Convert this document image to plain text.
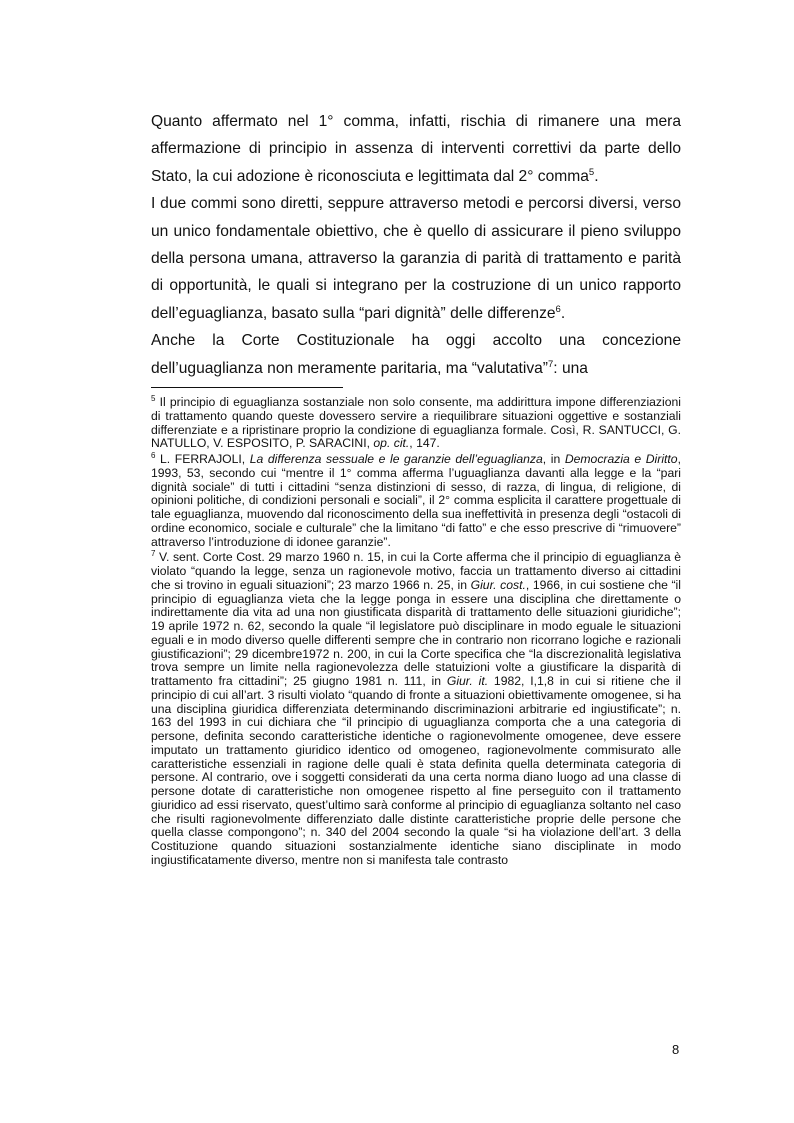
Quanto affermato nel 1° comma, infatti, rischia di rimanere una mera affermazione di principio in assenza di interventi correttivi da parte dello Stato, la cui adozione è riconosciuta e legittimata dal 2° comma$^5$.

I due commi sono diretti, seppure attraverso metodi e percorsi diversi, verso un unico fondamentale obiettivo, che è quello di assicurare il pieno sviluppo della persona umana, attraverso la garanzia di parità di trattamento e parità di opportunità, le quali si integrano per la costruzione di un unico rapporto dell’eguaglianza, basato sulla “pari dignità” delle differenze$^6$.

Anche la Corte Costituzionale ha oggi accolto una concezione dell’uguaglianza non meramente paritaria, ma “valutativa”$^7$: una

$^5$ Il principio di eguaglianza sostanziale non solo consente, ma addirittura impone differenziazioni di trattamento quando queste dovessero servire a riequilibrare situazioni oggettive e sostanziali differenziate e a ripristinare proprio la condizione di eguaglianza formale. Così, R. SANTUCCI, G. NATULLO, V. ESPOSITO, P. SARACINI, op. cit., 147.

$^6$ L. FERRAJOLI, La differenza sessuale e le garanzie dell’eguaglianza, in Democrazia e Diritto, 1993, 53, secondo cui “mentre il 1° comma afferma l’uguaglianza davanti alla legge e la “pari dignità sociale” di tutti i cittadini “senza distinzioni di sesso, di razza, di lingua, di religione, di opinioni politiche, di condizioni personali e sociali”, il 2° comma esplicita il carattere progettuale di tale eguaglianza, muovendo dal riconoscimento della sua ineffettività in presenza degli “ostacoli di ordine economico, sociale e culturale” che la limitano “di fatto” e che esso prescrive di “rimuovere” attraverso l’introduzione di idonee garanzie”.

$^7$ V. sent. Corte Cost. 29 marzo 1960 n. 15, in cui la Corte afferma che il principio di eguaglianza è violato “quando la legge, senza un ragionevole motivo, faccia un trattamento diverso ai cittadini che si trovino in eguali situazioni”; 23 marzo 1966 n. 25, in Giur. cost., 1966, in cui sostiene che “il principio di eguaglianza vieta che la legge ponga in essere una disciplina che direttamente o indirettamente dia vita ad una non giustificata disparità di trattamento delle situazioni giuridiche”; 19 aprile 1972 n. 62, secondo la quale “il legislatore può disciplinare in modo eguale le situazioni eguali e in modo diverso quelle differenti sempre che in contrario non ricorrano logiche e razionali giustificazioni”; 29 dicembre1972 n. 200, in cui la Corte specifica che “la discrezionalità legislativa trova sempre un limite nella ragionevolezza delle statuizioni volte a giustificare la disparità di trattamento fra cittadini”; 25 giugno 1981 n. 111, in Giur. it. 1982, I,1,8 in cui si ritiene che il principio di cui all’art. 3 risulti violato “quando di fronte a situazioni obiettivamente omogenee, si ha una disciplina giuridica differenziata determinando discriminazioni arbitrarie ed ingiustificate”; n. 163 del 1993 in cui dichiara che “il principio di uguaglianza comporta che a una categoria di persone, definita secondo caratteristiche identiche o ragionevolmente omogenee, deve essere imputato un trattamento giuridico identico od omogeneo, ragionevolmente commisurato alle caratteristiche essenziali in ragione delle quali è stata definita quella determinata categoria di persone. Al contrario, ove i soggetti considerati da una certa norma diano luogo ad una classe di persone dotate di caratteristiche non omogenee rispetto al fine perseguito con il trattamento giuridico ad essi riservato, quest’ultimo sarà conforme al principio di eguaglianza soltanto nel caso che risulti ragionevolmente differenziato dalle distinte caratteristiche proprie delle persone che quella classe compongono”; n. 340 del 2004 secondo la quale “si ha violazione dell’art. 3 della Costituzione quando situazioni sostanzialmente identiche siano disciplinate in modo ingiustificatamente diverso, mentre non si manifesta tale contrasto

8
